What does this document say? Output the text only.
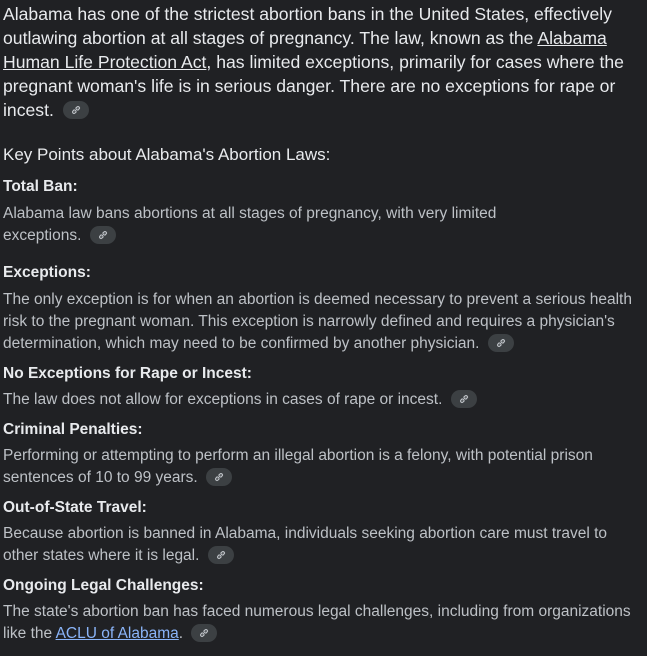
Alabama has one of the strictest abortion bans in the United States, effectively outlawing abortion at all stages of pregnancy. The law, known as the Alabama Human Life Protection Act, has limited exceptions, primarily for cases where the pregnant woman's life is in serious danger. There are no exceptions for rape or incest.

Key Points about Alabama's Abortion Laws:

Total Ban:

Alabama law bans abortions at all stages of pregnancy, with very limited exceptions.

Exceptions:

The only exception is for when an abortion is deemed necessary to prevent a serious health risk to the pregnant woman. This exception is narrowly defined and requires a physician's determination, which may need to be confirmed by another physician.

No Exceptions for Rape or Incest:

The law does not allow for exceptions in cases of rape or incest.

Criminal Penalties:

Performing or attempting to perform an illegal abortion is a felony, with potential prison sentences of 10 to 99 years.

Out-of-State Travel:

Because abortion is banned in Alabama, individuals seeking abortion care must travel to other states where it is legal.

Ongoing Legal Challenges:

The state's abortion ban has faced numerous legal challenges, including from organizations like the ACLU of Alabama.
